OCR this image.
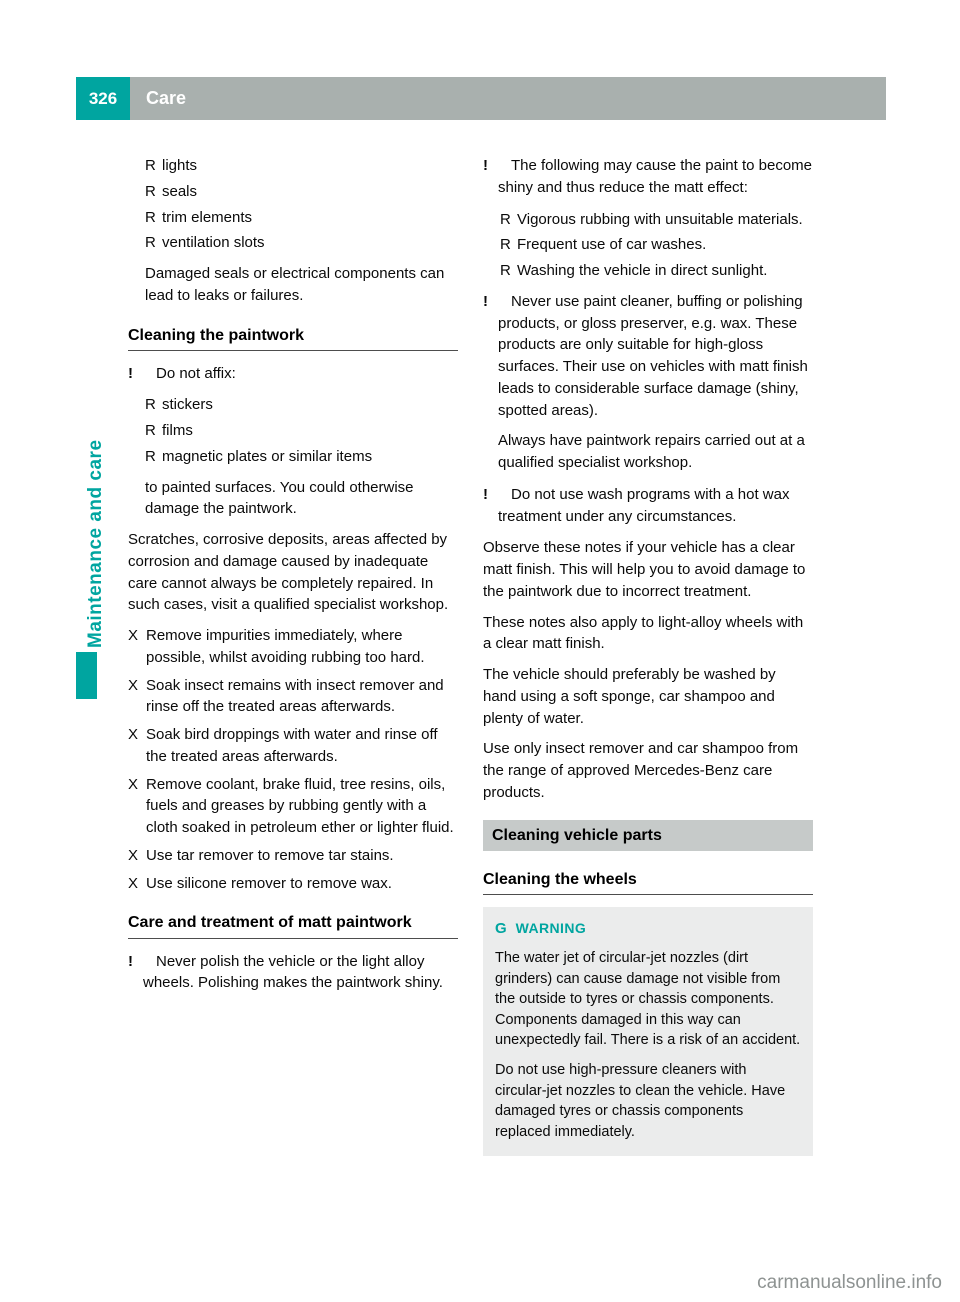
326 Care
Maintenance and care
R lights
R seals
R trim elements
R ventilation slots

Damaged seals or electrical components can lead to leaks or failures.

Cleaning the paintwork
!	Do not affix:

R stickers
R films
R magnetic plates or similar items

to painted surfaces. You could otherwise damage the paintwork.

Scratches, corrosive deposits, areas affected by corrosion and damage caused by inadequate care cannot always be completely repaired. In such cases, visit a qualified specialist workshop.

X Remove impurities immediately, where possible, whilst avoiding rubbing too hard.
X Soak insect remains with insect remover and rinse off the treated areas afterwards.
X Soak bird droppings with water and rinse off the treated areas afterwards.
X Remove coolant, brake fluid, tree resins, oils, fuels and greases by rubbing gently with a cloth soaked in petroleum ether or lighter fluid.
X Use tar remover to remove tar stains.
X Use silicone remover to remove wax.
Care and treatment of matt paintwork
!	Never polish the vehicle or the light alloy wheels. Polishing makes the paintwork shiny.

!	The following may cause the paint to become shiny and thus reduce the matt effect:

R Vigorous rubbing with unsuitable materials.
R Frequent use of car washes.
R Washing the vehicle in direct sunlight.
!	Never use paint cleaner, buffing or polishing products, or gloss preserver, e.g. wax. These products are only suitable for high-gloss surfaces. Their use on vehicles with matt finish leads to considerable surface damage (shiny, spotted areas).

Always have paintwork repairs carried out at a qualified specialist workshop.

!	Do not use wash programs with a hot wax treatment under any circumstances.

Observe these notes if your vehicle has a clear matt finish. This will help you to avoid damage to the paintwork due to incorrect treatment.

These notes also apply to light-alloy wheels with a clear matt finish.

The vehicle should preferably be washed by hand using a soft sponge, car shampoo and plenty of water.

Use only insect remover and car shampoo from the range of approved Mercedes-Benz care products.

Cleaning vehicle parts
Cleaning the wheels
G WARNING

The water jet of circular-jet nozzles (dirt grinders) can cause damage not visible from the outside to tyres or chassis components. Components damaged in this way can unexpectedly fail. There is a risk of an accident.

Do not use high-pressure cleaners with circular-jet nozzles to clean the vehicle. Have damaged tyres or chassis components replaced immediately.

carmanualsonline.info
